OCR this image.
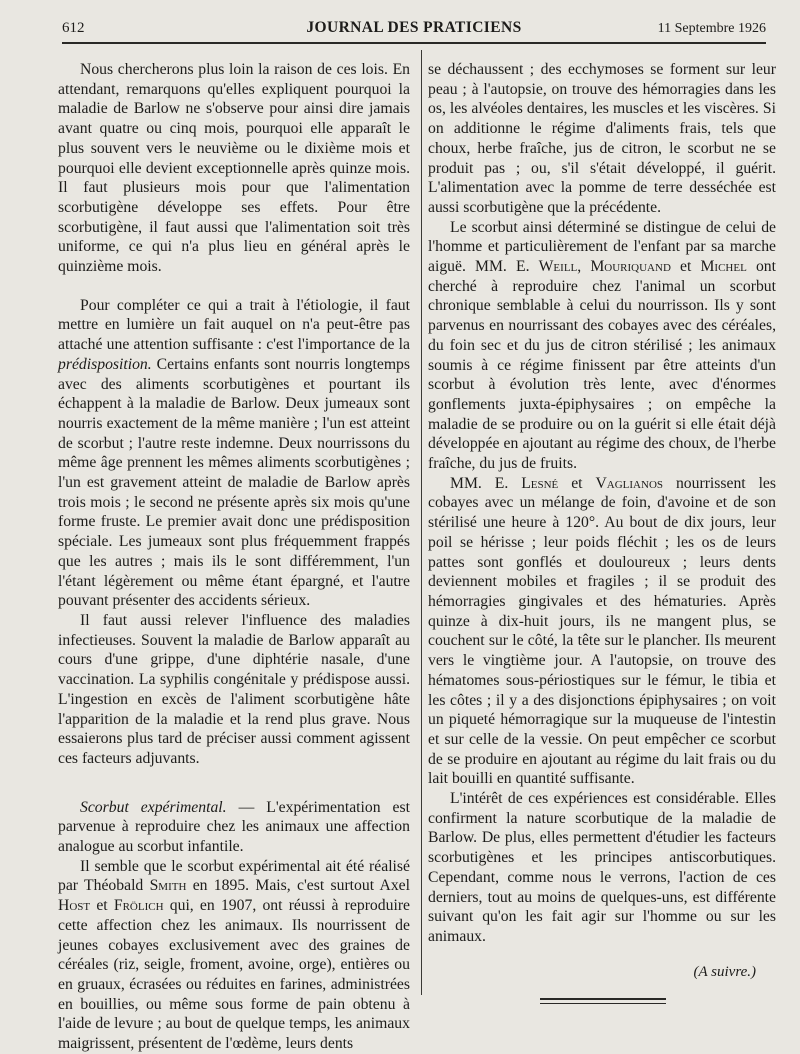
612	JOURNAL DES PRATICIENS	11 Septembre 1926

Nous chercherons plus loin la raison de ces lois. En attendant, remarquons qu'elles expliquent pourquoi la maladie de Barlow ne s'observe pour ainsi dire jamais avant quatre ou cinq mois, pourquoi elle apparaît le plus souvent vers le neuvième ou le dixième mois et pourquoi elle devient exceptionnelle après quinze mois. Il faut plusieurs mois pour que l'alimentation scorbutigène développe ses effets. Pour être scorbutigène, il faut aussi que l'alimentation soit très uniforme, ce qui n'a plus lieu en général après le quinzième mois.

Pour compléter ce qui a trait à l'étiologie, il faut mettre en lumière un fait auquel on n'a peut-être pas attaché une attention suffisante : c'est l'importance de la prédisposition. Certains enfants sont nourris longtemps avec des aliments scorbutigènes et pourtant ils échappent à la maladie de Barlow. Deux jumeaux sont nourris exactement de la même manière ; l'un est atteint de scorbut ; l'autre reste indemne. Deux nourrissons du même âge prennent les mêmes aliments scorbutigènes ; l'un est gravement atteint de maladie de Barlow après trois mois ; le second ne présente après six mois qu'une forme fruste. Le premier avait donc une prédisposition spéciale. Les jumeaux sont plus fréquemment frappés que les autres ; mais ils le sont différemment, l'un l'étant légèrement ou même étant épargné, et l'autre pouvant présenter des accidents sérieux.

Il faut aussi relever l'influence des maladies infectieuses. Souvent la maladie de Barlow apparaît au cours d'une grippe, d'une diphtérie nasale, d'une vaccination. La syphilis congénitale y prédispose aussi. L'ingestion en excès de l'aliment scorbutigène hâte l'apparition de la maladie et la rend plus grave. Nous essaierons plus tard de préciser aussi comment agissent ces facteurs adjuvants.

Scorbut expérimental. — L'expérimentation est parvenue à reproduire chez les animaux une affection analogue au scorbut infantile.

Il semble que le scorbut expérimental ait été réalisé par Théobald Smith en 1895. Mais, c'est surtout Axel Host et Frölich qui, en 1907, ont réussi à reproduire cette affection chez les animaux. Ils nourrissent de jeunes cobayes exclusivement avec des graines de céréales (riz, seigle, froment, avoine, orge), entières ou en gruaux, écrasées ou réduites en farines, administrées en bouillies, ou même sous forme de pain obtenu à l'aide de levure ; au bout de quelque temps, les animaux maigrissent, présentent de l'œdème, leurs dents

se déchaussent ; des ecchymoses se forment sur leur peau ; à l'autopsie, on trouve des hémorragies dans les os, les alvéoles dentaires, les muscles et les viscères. Si on additionne le régime d'aliments frais, tels que choux, herbe fraîche, jus de citron, le scorbut ne se produit pas ; ou, s'il s'était développé, il guérit. L'alimentation avec la pomme de terre desséchée est aussi scorbutigène que la précédente.

Le scorbut ainsi déterminé se distingue de celui de l'homme et particulièrement de l'enfant par sa marche aiguë. MM. E. Weill, Mouriquand et Michel ont cherché à reproduire chez l'animal un scorbut chronique semblable à celui du nourrisson. Ils y sont parvenus en nourrissant des cobayes avec des céréales, du foin sec et du jus de citron stérilisé ; les animaux soumis à ce régime finissent par être atteints d'un scorbut à évolution très lente, avec d'énormes gonflements juxta-épiphysaires ; on empêche la maladie de se produire ou on la guérit si elle était déjà développée en ajoutant au régime des choux, de l'herbe fraîche, du jus de fruits.

MM. E. Lesné et Vaglianos nourrissent les cobayes avec un mélange de foin, d'avoine et de son stérilisé une heure à 120°. Au bout de dix jours, leur poil se hérisse ; leur poids fléchit ; les os de leurs pattes sont gonflés et douloureux ; leurs dents deviennent mobiles et fragiles ; il se produit des hémorragies gingivales et des hématuries. Après quinze à dix-huit jours, ils ne mangent plus, se couchent sur le côté, la tête sur le plancher. Ils meurent vers le vingtième jour. A l'autopsie, on trouve des hématomes sous-périostiques sur le fémur, le tibia et les côtes ; il y a des disjonctions épiphysaires ; on voit un piqueté hémorragique sur la muqueuse de l'intestin et sur celle de la vessie. On peut empêcher ce scorbut de se produire en ajoutant au régime du lait frais ou du lait bouilli en quantité suffisante.

L'intérêt de ces expériences est considérable. Elles confirment la nature scorbutique de la maladie de Barlow. De plus, elles permettent d'étudier les facteurs scorbutigènes et les principes antiscorbutiques. Cependant, comme nous le verrons, l'action de ces derniers, tout au moins de quelques-uns, est différente suivant qu'on les fait agir sur l'homme ou sur les animaux.

(A suivre.)
